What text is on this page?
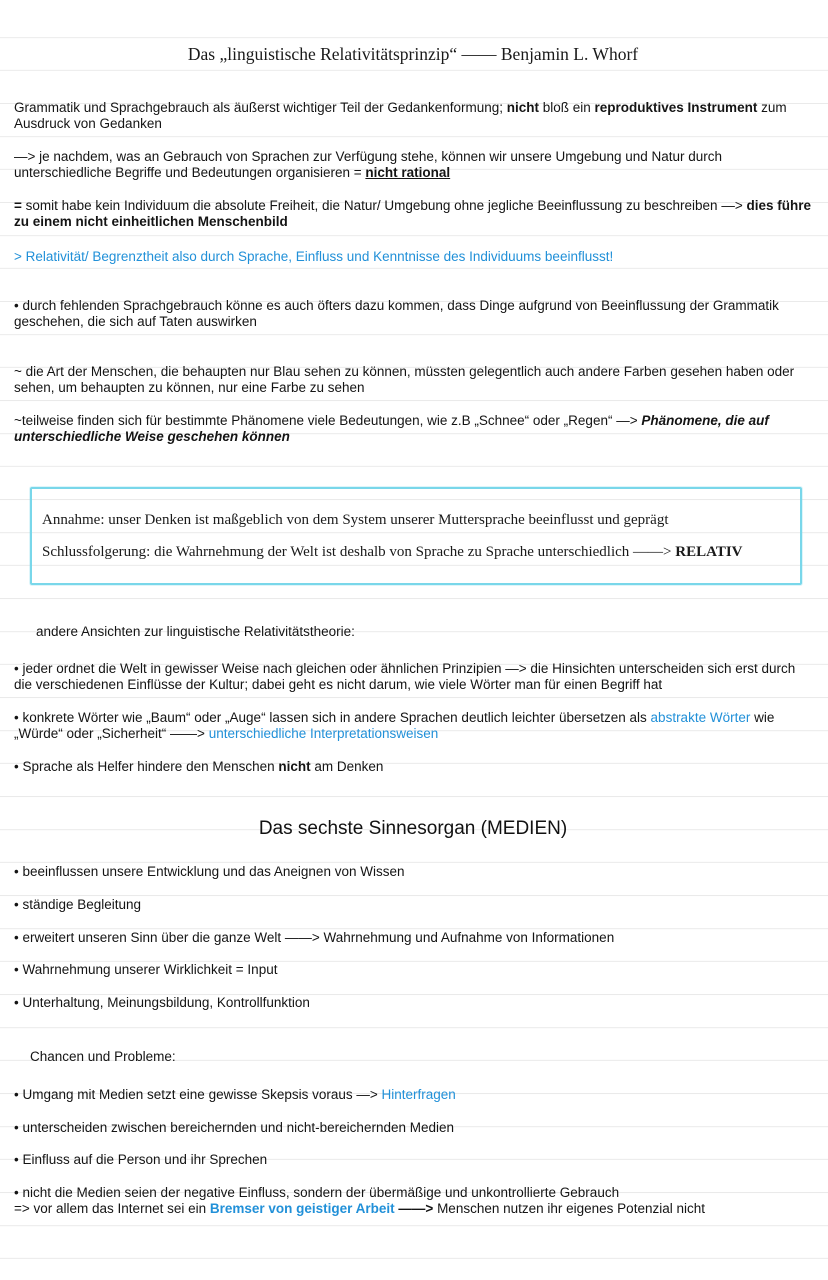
Das „linguistische Relativitätsprinzip“ —— Benjamin L. Whorf

Grammatik und Sprachgebrauch als äußerst wichtiger Teil der Gedankenformung; nicht bloß ein reproduktives Instrument zum Ausdruck von Gedanken

—> je nachdem, was an Gebrauch von Sprachen zur Verfügung stehe, können wir unsere Umgebung und Natur durch unterschiedliche Begriffe und Bedeutungen organisieren = nicht rational

= somit habe kein Individuum die absolute Freiheit, die Natur/ Umgebung ohne jegliche Beeinflussung zu beschreiben —> dies führe zu einem nicht einheitlichen Menschenbild

> Relativität/ Begrenztheit also durch Sprache, Einfluss und Kenntnisse des Individuums beeinflusst!

• durch fehlenden Sprachgebrauch könne es auch öfters dazu kommen, dass Dinge aufgrund von Beeinflussung der Grammatik geschehen, die sich auf Taten auswirken

~ die Art der Menschen, die behaupten nur Blau sehen zu können, müssten gelegentlich auch andere Farben gesehen haben oder sehen, um behaupten zu können, nur eine Farbe zu sehen

~teilweise finden sich für bestimmte Phänomene viele Bedeutungen, wie z.B „Schnee“ oder „Regen“ —> Phänomene, die auf unterschiedliche Weise geschehen können

Annahme: unser Denken ist maßgeblich von dem System unserer Muttersprache beeinflusst und geprägt
Schlussfolgerung: die Wahrnehmung der Welt ist deshalb von Sprache zu Sprache unterschiedlich ——> RELATIV

andere Ansichten zur linguistische Relativitätstheorie:

• jeder ordnet die Welt in gewisser Weise nach gleichen oder ähnlichen Prinzipien —> die Hinsichten unterscheiden sich erst durch die verschiedenen Einflüsse der Kultur; dabei geht es nicht darum, wie viele Wörter man für einen Begriff hat

• konkrete Wörter wie „Baum“ oder „Auge“ lassen sich in andere Sprachen deutlich leichter übersetzen als abstrakte Wörter wie „Würde“ oder „Sicherheit“ ——> unterschiedliche Interpretationsweisen

• Sprache als Helfer hindere den Menschen nicht am Denken

Das sechste Sinnesorgan (MEDIEN)

• beeinflussen unsere Entwicklung und das Aneignen von Wissen

• ständige Begleitung

• erweitert unseren Sinn über die ganze Welt ——> Wahrnehmung und Aufnahme von Informationen

• Wahrnehmung unserer Wirklichkeit = Input

• Unterhaltung, Meinungsbildung, Kontrollfunktion

Chancen und Probleme:

• Umgang mit Medien setzt eine gewisse Skepsis voraus —> Hinterfragen

• unterscheiden zwischen bereichernden und nicht-bereichernden Medien

• Einfluss auf die Person und ihr Sprechen

• nicht die Medien seien der negative Einfluss, sondern der übermäßige und unkontrollierte Gebrauch
=> vor allem das Internet sei ein Bremser von geistiger Arbeit ——> Menschen nutzen ihr eigenes Potenzial nicht
